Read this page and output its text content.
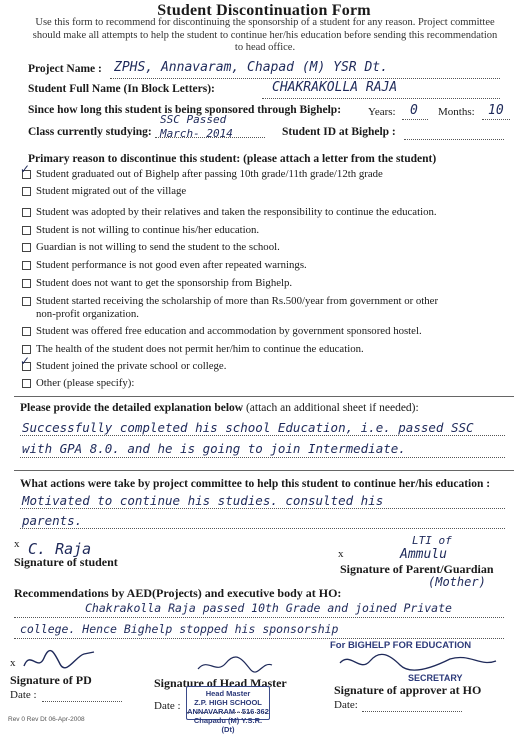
Student Discontinuation Form
Use this form to recommend for discontinuing the sponsorship of a student for any reason. Project committee should make all attempts to help the student to continue her/his education before sending this recommendation to head office.
Project Name : ZPHS, Annavaram, Chapad (M) YSR Dt.
Student Full Name (In Block Letters):	CHAKRAKOLLA RAJA
Since how long this student is being sponsored through Bighelp: Years: 0 Months: 10
Class currently studying:
SSC Passed
March- 2014	Student ID at Bighelp :
Primary reason to discontinue this student: (please attach a letter from the student)
✓ Student graduated out of Bighelp after passing 10th grade/11th grade/12th grade
Student migrated out of the village
Student was adopted by their relatives and taken the responsibility to continue the education.
Student is not willing to continue his/her education.
Guardian is not willing to send the student to the school.
Student performance is not good even after repeated warnings.
Student does not want to get the sponsorship from Bighelp.
Student started receiving the scholarship of more than Rs.500/year from government or other
non-profit organization.
Student was offered free education and accommodation by government sponsored hostel.
The health of the student does not permit her/him to continue the education.
✓ Student joined the private school or college.
Other (please specify):
Please provide the detailed explanation below (attach an additional sheet if needed):
Successfully completed his school Education, i.e. passed SSC
with GPA 8.0. and he is going to join Intermediate.
What actions were take by project committee to help this student to continue her/his education :
Motivated to continue his studies. consulted his
parents.
x C. Raja
Signature of student
x
LTI of
Ammulu
Signature of Parent/Guardian
(Mother)
Recommendations by AED(Projects) and executive body at HO:
Chakrakolla Raja passed 10th Grade and joined Private
college. Hence Bighelp stopped his sponsorship
x
Signature of PD
Date :
Signature of Head Master
Date :
Head Master
Z.P. HIGH SCHOOL
ANNAVARAM - 516 362
Chapadu (M) Y.S.R. (Dt)
For BIGHELP FOR EDUCATION
SECRETARY
Signature of approver at HO
Date:
Rev 0 Rev Dt 06-Apr-2008
